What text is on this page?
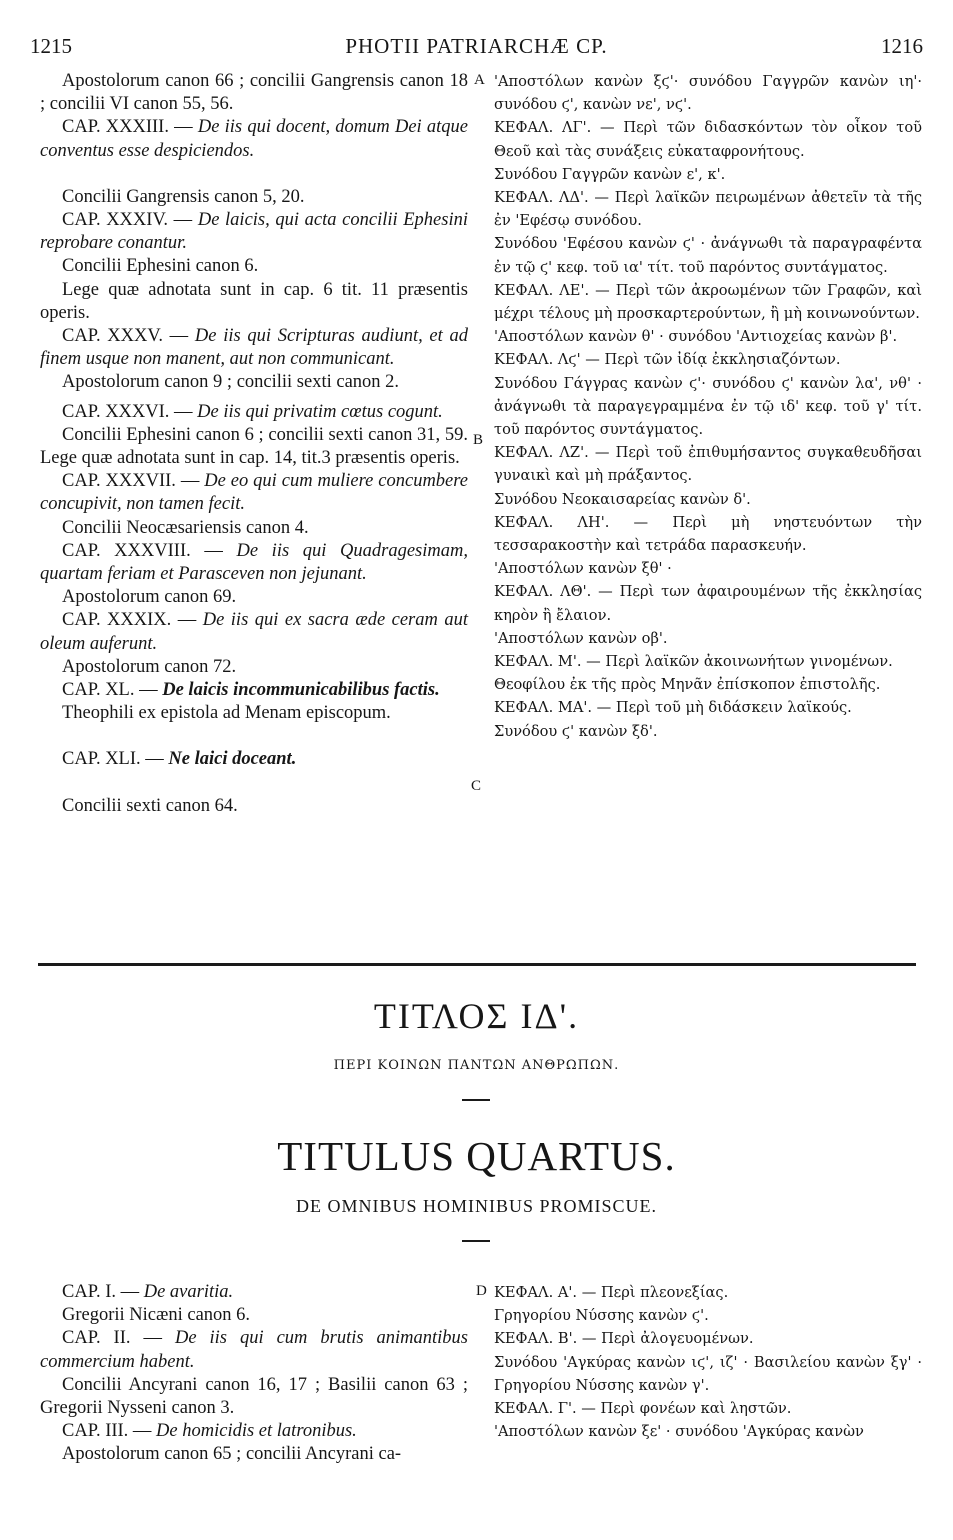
1215	PHOTII PATRIARCHÆ CP.	1216
Apostolorum canon 66 ; concilii Gangrensis canon 18 ; concilii VI canon 55, 56.
CAP. XXXIII. — De iis qui docent, domum Dei atque conventus esse despiciendos.
Concilii Gangrensis canon 5, 20.
CAP. XXXIV. — De laicis, qui acta concilii Ephesini reprobare conantur.
Concilii Ephesini canon 6.
Lege quæ adnotata sunt in cap. 6 tit. 11 præsentis operis.
CAP. XXXV. — De iis qui Scripturas audiunt, et ad finem usque non manent, aut non communicant.
Apostolorum canon 9 ; concilii sexti canon 2.
CAP. XXXVI. — De iis qui privatim cœtus cogunt.
Concilii Ephesini canon 6 ; concilii sexti canon 31, 59. Lege quæ adnotata sunt in cap. 14, tit.3 præsentis operis.
CAP. XXXVII. — De eo qui cum muliere concumbere concupivit, non tamen fecit.
Concilii Neocæsariensis canon 4.
CAP. XXXVIII. — De iis qui Quadragesimam, quartam feriam et Parasceven non jejunant.
Apostolorum canon 69.
CAP. XXXIX. — De iis qui ex sacra æde ceram aut oleum auferunt.
Apostolorum canon 72.
CAP. XL. — De laicis incommunicabilibus factis.
Theophili ex epistola ad Menam episcopum.
CAP. XLI. — Ne laici doceant.
Concilii sexti canon 64.
'Αποστόλων κανὼν ξϛ'· συνόδου Γαγγρῶν κανὼν ιη'· συνόδου ϛ', κανὼν νε', νϛ'.
ΚΕΦΑΛ. ΛΓ'. — Περὶ τῶν διδασκόντων τὸν οἶκον τοῦ Θεοῦ καὶ τὰς συνάξεις εὐκαταφρονήτους.
Συνόδου Γαγγρῶν κανὼν ε', κ'.
ΚΕΦΑΛ. ΛΔ'. — Περὶ λαϊκῶν πειρωμένων ἀθετεῖν τὰ τῆς ἐν 'Εφέσῳ συνόδου.
Συνόδου 'Εφέσου κανὼν ϛ' · ἀνάγνωθι τὰ παραγραφέντα ἐν τῷ ϛ' κεφ. τοῦ ια' τίτ. τοῦ παρόντος συντάγματος.
ΚΕΦΑΛ. ΛΕ'. — Περὶ τῶν ἀκροωμένων τῶν Γραφῶν, καὶ μέχρι τέλους μὴ προσκαρτερούντων, ἢ μὴ κοινωνούντων.
'Αποστόλων κανὼν θ' · συνόδου 'Αντιοχείας κανὼν β'.
ΚΕΦΑΛ. Λϛ' — Περὶ τῶν ἰδίᾳ ἐκκλησιαζόντων.
Συνόδου Γάγγρας κανὼν ϛ'· συνόδου ϛ' κανὼν λα', νθ' · ἀνάγνωθι τὰ παραγεγραμμένα ἐν τῷ ιδ' κεφ. τοῦ γ' τίτ. τοῦ παρόντος συντάγματος.
ΚΕΦΑΛ. ΛΖ'. — Περὶ τοῦ ἐπιθυμήσαντος συγκαθευδῆσαι γυναικὶ καὶ μὴ πράξαντος.
Συνόδου Νεοκαισαρείας κανὼν δ'.
ΚΕΦΑΛ. ΛΗ'. — Περὶ μὴ νηστευόντων τὴν τεσσαρακοστὴν καὶ τετράδα παρασκευήν.
'Αποστόλων κανὼν ξθ' ·
ΚΕΦΑΛ. ΛΘ'. — Περὶ των ἀφαιρουμένων τῆς ἐκκλησίας κηρὸν ἢ ἔλαιον.
'Αποστόλων κανὼν οβ'.
ΚΕΦΑΛ. Μ'. — Περὶ λαϊκῶν ἀκοινωνήτων γινομένων.
Θεοφίλου ἐκ τῆς πρὸς Μηνᾶν ἐπίσκοπον ἐπιστολῆς.
ΚΕΦΑΛ. ΜΑ'. — Περὶ τοῦ μὴ διδάσκειν λαϊκούς.
Συνόδου ϛ' κανὼν ξδ'.
A
B
C
D
ΤΙΤΛΟΣ ΙΔ'.
ΠΕΡΙ ΚΟΙΝΩΝ ΠΑΝΤΩΝ ΑΝΘΡΩΠΩΝ.
TITULUS QUARTUS.
DE OMNIBUS HOMINIBUS PROMISCUE.
CAP. I. — De avaritia.
Gregorii Nicæni canon 6.
CAP. II. — De iis qui cum brutis animantibus commercium habent.
Concilii Ancyrani canon 16, 17 ; Basilii canon 63 ; Gregorii Nysseni canon 3.
CAP. III. — De homicidis et latronibus.
Apostolorum canon 65 ; concilii Ancyrani ca-
ΚΕΦΑΛ. Α'. — Περὶ πλεονεξίας.
Γρηγορίου Νύσσης κανὼν ϛ'.
ΚΕΦΑΛ. Β'. — Περὶ ἀλογευομένων.
Συνόδου 'Αγκύρας κανὼν ιϛ', ιζ' · Βασιλείου κανὼν ξγ' · Γρηγορίου Νύσσης κανὼν γ'.
ΚΕΦΑΛ. Γ'. — Περὶ φονέων καὶ ληστῶν.
'Αποστόλων κανὼν ξε' · συνόδου 'Αγκύρας κανὼν
